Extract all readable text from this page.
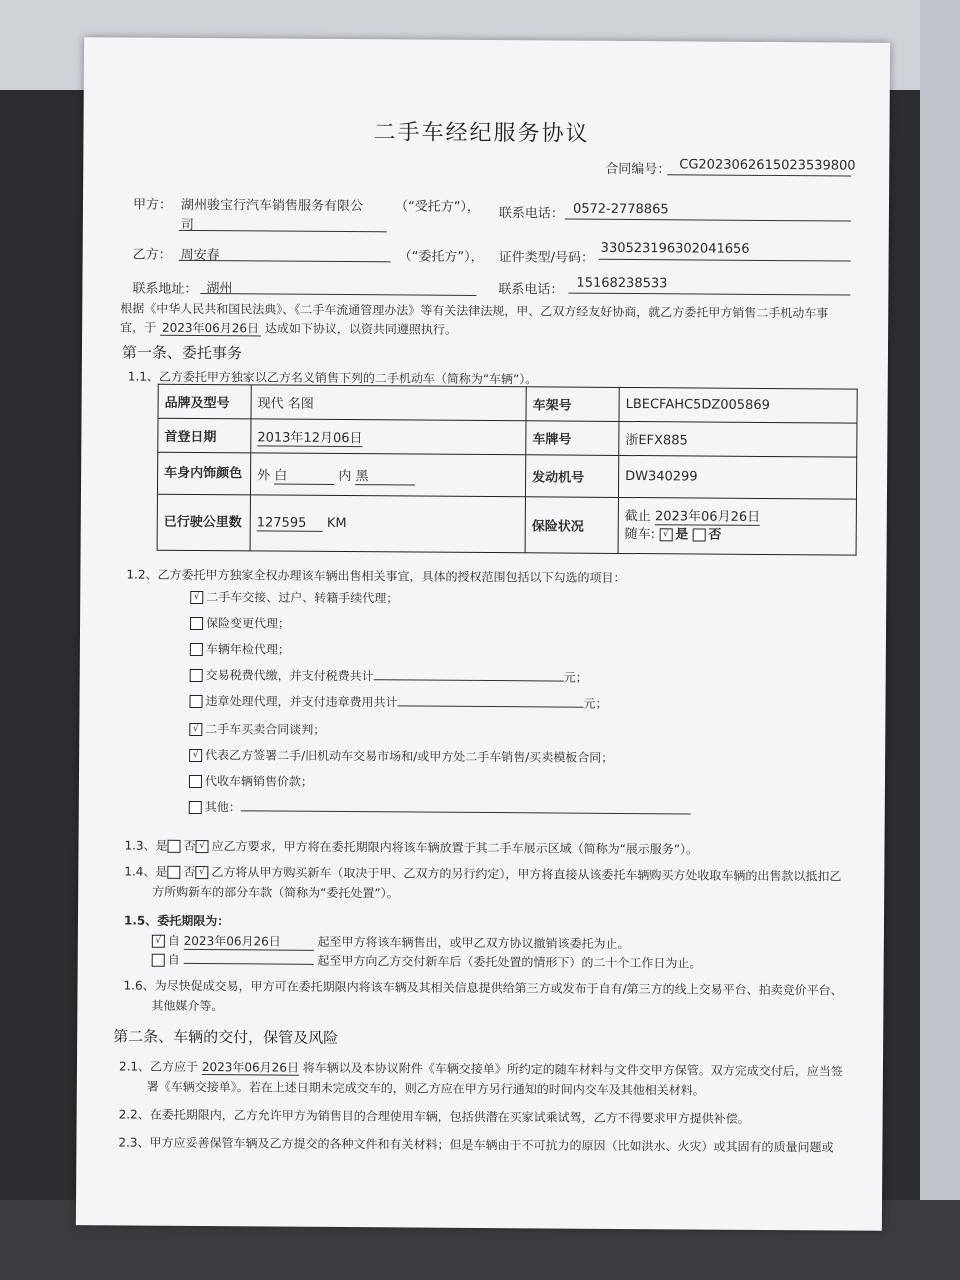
二手车经纪服务协议
合同编号： CG2023062615023539800
甲方： 湖州骏宝行汽车销售服务有限公
司
（“受托方”）， 联系电话： 0572-2778865
乙方： 周安春	（“委托方”）， 证件类型/号码：
330523196302041656
联系地址： 湖州	联系电话： 15168238533
根据《中华人民共和国民法典》、《二手车流通管理办法》等有关法律法规，甲、乙双方经友好协商，就乙方委托甲方销售二手机动车事
宜，于 2023年06月26日 达成如下协议，以资共同遵照执行。
第一条、委托事务
1.1、乙方委托甲方独家以乙方名义销售下列的二手机动车（简称为“车辆”）。
品牌及型号	现代 名图	车架号	LBECFAHC5DZ005869
首登日期	2013年12月06日	车牌号	浙EFX885
车身内饰颜色	外 白 内 黑	发动机号	DW340299
已行驶公里数	127595 KM	保险状况	截止 2023年06月26日
随车: √ 是 否
1.2、乙方委托甲方独家全权办理该车辆出售相关事宜，具体的授权范围包括以下勾选的项目：
√ 二手车交接、过户、转籍手续代理；
保险变更代理；
车辆年检代理；
交易税费代缴，并支付税费共计	元；
违章处理代理，并支付违章费用共计	元；
√ 二手车买卖合同谈判；
√ 代表乙方签署二手/旧机动车交易市场和/或甲方处二手车销售/买卖模板合同；
代收车辆销售价款；
其他：
1.3、是 否 √ 应乙方要求，甲方将在委托期限内将该车辆放置于其二手车展示区域（简称为“展示服务”）。
1.4、是 否 √ 乙方将从甲方购买新车（取决于甲、乙双方的另行约定），甲方将直接从该委托车辆购买方处收取车辆的出售款以抵扣乙
方所购新车的部分车款（简称为“委托处置”）。
1.5、委托期限为：
√ 自 2023年06月26日	起至甲方将该车辆售出，或甲乙双方协议撤销该委托为止。
自	起至甲方向乙方交付新车后（委托处置的情形下）的二十个工作日为止。
1.6、为尽快促成交易，甲方可在委托期限内将该车辆及其相关信息提供给第三方或发布于自有/第三方的线上交易平台、拍卖竞价平台、
其他媒介等。
第二条、车辆的交付，保管及风险
2.1、乙方应于 2023年06月26日 将车辆以及本协议附件《车辆交接单》所约定的随车材料与文件交甲方保管。双方完成交付后，应当签
署《车辆交接单》。若在上述日期未完成交车的，则乙方应在甲方另行通知的时间内交车及其他相关材料。
2.2、在委托期限内，乙方允许甲方为销售目的合理使用车辆，包括供潜在买家试乘试驾，乙方不得要求甲方提供补偿。
2.3、甲方应妥善保管车辆及乙方提交的各种文件和有关材料；但是车辆由于不可抗力的原因（比如洪水、火灾）或其固有的质量问题或
